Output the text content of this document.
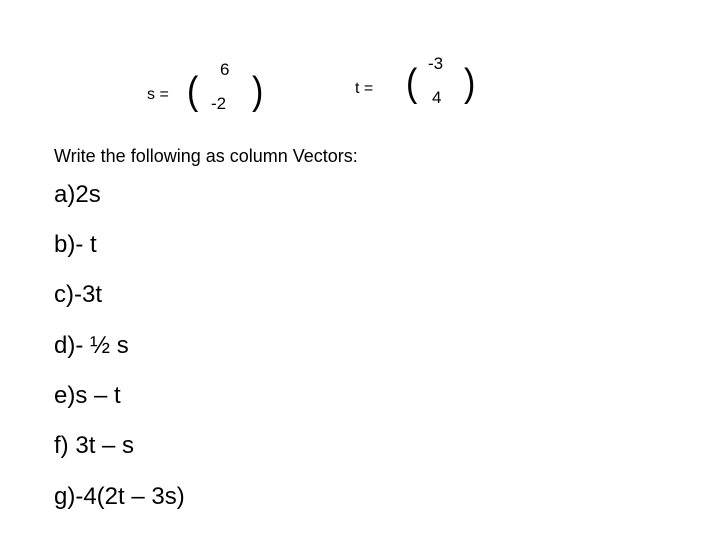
s = (
6
-2 )	t = ( -3
4 )
Write the following as column Vectors:
a)2s
b)- t
c)-3t
d)- ½ s
e)s – t
f) 3t – s
g)-4(2t – 3s)
